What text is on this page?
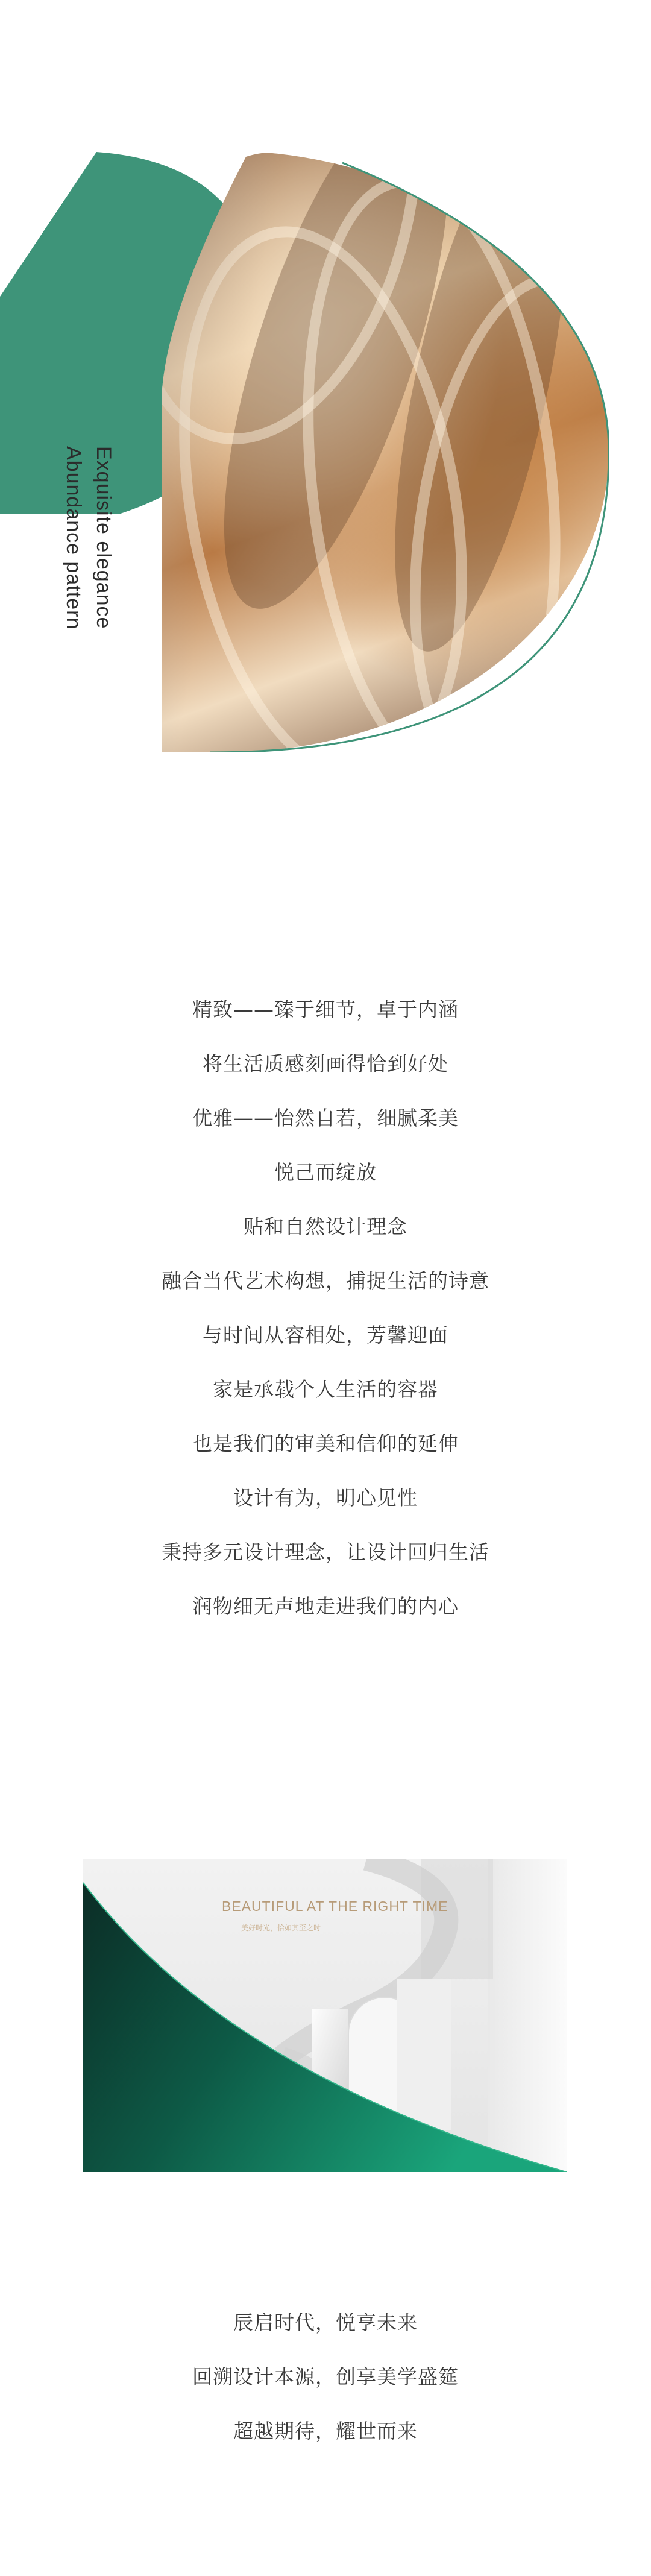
Exquisite elegance
Abundance pattern
精致——臻于细节，卓于内涵
将生活质感刻画得恰到好处
优雅——怡然自若，细腻柔美
悦己而绽放
贴和自然设计理念
融合当代艺术构想，捕捉生活的诗意
与时间从容相处，芳馨迎面
家是承载个人生活的容器
也是我们的审美和信仰的延伸
设计有为，明心见性
秉持多元设计理念，让设计回归生活
润物细无声地走进我们的内心
BEAUTIFUL AT THE RIGHT TIME
美好时光，恰如其至之时
辰启时代，悦享未来
回溯设计本源，创享美学盛筵
超越期待，耀世而来
